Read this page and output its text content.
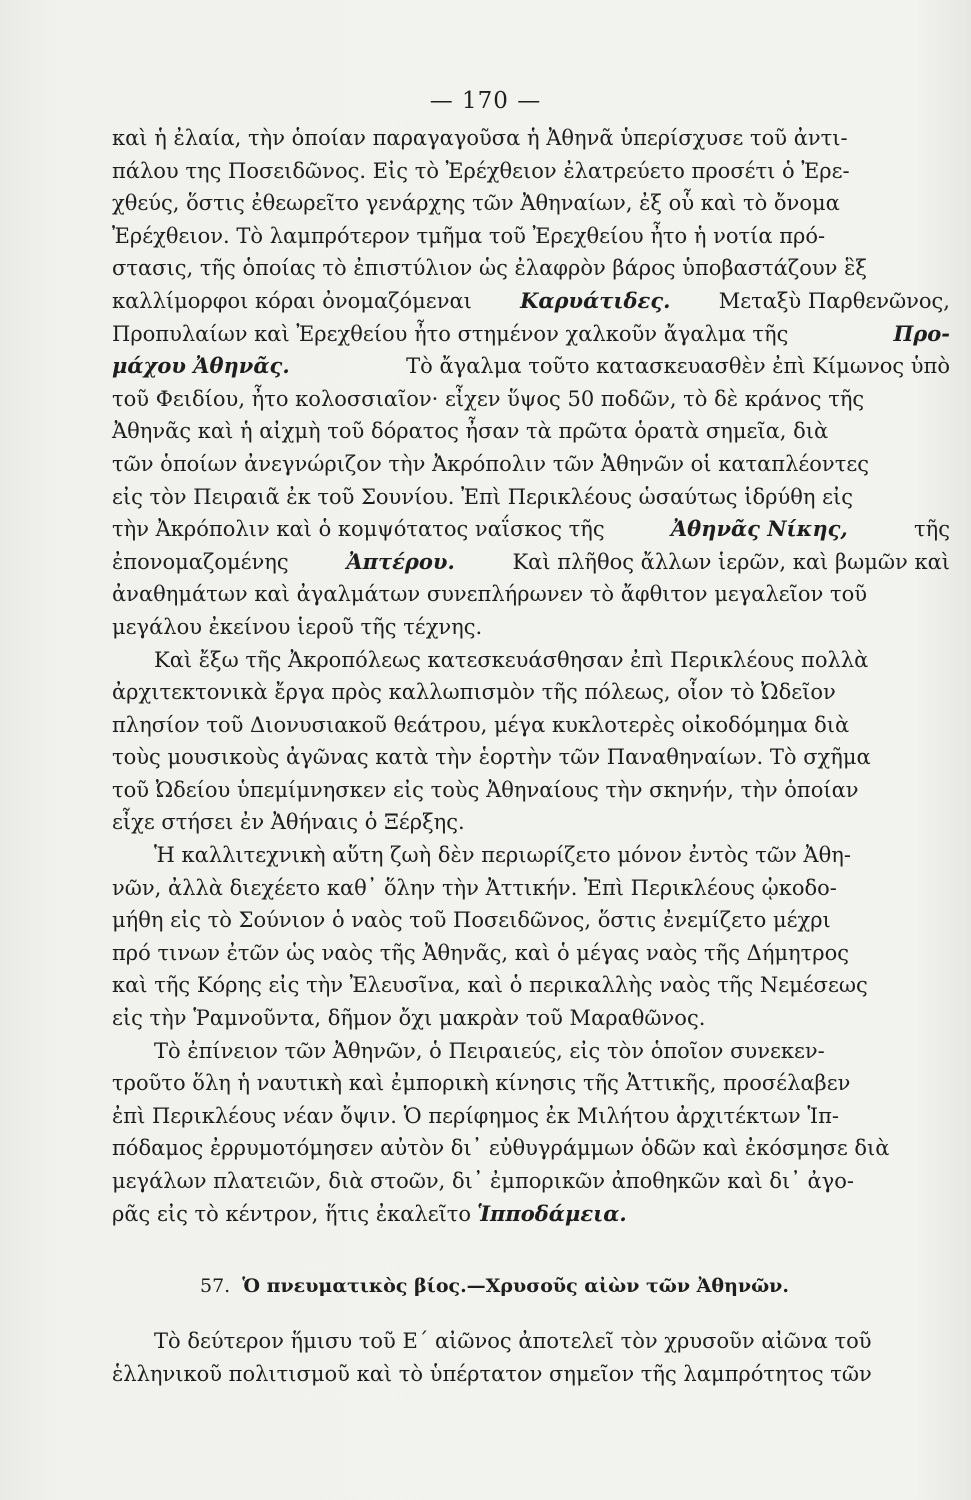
— 170 —
καὶ ἡ ἐλαία, τὴν ὁποίαν παραγαγοῦσα ἡ Ἀθηνᾶ ὑπερίσχυσε τοῦ ἀντι-
πάλου της Ποσειδῶνος. Εἰς τὸ Ἐρέχθειον ἐλατρεύετο προσέτι ὁ Ἐρε-
χθεύς, ὅστις ἐθεωρεῖτο γενάρχης τῶν Ἀθηναίων, ἐξ οὗ καὶ τὸ ὄνομα
Ἐρέχθειον. Τὸ λαμπρότερον τμῆμα τοῦ Ἐρεχθείου ἦτο ἡ νοτία πρό-
στασις, τῆς ὁποίας τὸ ἐπιστύλιον ὡς ἐλαφρὸν βάρος ὑποβαστάζουν ἓξ
καλλίμορφοι κόραι ὀνομαζόμεναι Καρυάτιδες. Μεταξὺ Παρθενῶνος,
Προπυλαίων καὶ Ἐρεχθείου ἦτο στημένον χαλκοῦν ἄγαλμα τῆς	Προ-
μάχου Ἀθηνᾶς.	Τὸ ἄγαλμα τοῦτο κατασκευασθὲν ἐπὶ Κίμωνος ὑπὸ
τοῦ Φειδίου, ἦτο κολοσσιαῖον· εἶχεν ὕψος 50 ποδῶν, τὸ δὲ κράνος τῆς
Ἀθηνᾶς καὶ ἡ αἰχμὴ τοῦ δόρατος ἦσαν τὰ πρῶτα ὁρατὰ σημεῖα, διὰ
τῶν ὁποίων ἀνεγνώριζον τὴν Ἀκρόπολιν τῶν Ἀθηνῶν οἱ καταπλέοντες
εἰς τὸν Πειραιᾶ ἐκ τοῦ Σουνίου. Ἐπὶ Περικλέους ὡσαύτως ἱδρύθη εἰς
τὴν Ἀκρόπολιν καὶ ὁ κομψότατος ναΐσκος τῆς	Ἀθηνᾶς Νίκης,	τῆς
ἐπονομαζομένης	Ἀπτέρου.	Καὶ πλῆθος ἄλλων ἱερῶν, καὶ βωμῶν καὶ
ἀναθημάτων καὶ ἀγαλμάτων συνεπλήρωνεν τὸ ἄφθιτον μεγαλεῖον τοῦ
μεγάλου ἐκείνου ἱεροῦ τῆς τέχνης.
Καὶ ἔξω τῆς Ἀκροπόλεως κατεσκευάσθησαν ἐπὶ Περικλέους πολλὰ
ἀρχιτεκτονικὰ ἔργα πρὸς καλλωπισμὸν τῆς πόλεως, οἷον τὸ Ὠδεῖον
πλησίον τοῦ Διονυσιακοῦ θεάτρου, μέγα κυκλοτερὲς οἰκοδόμημα διὰ
τοὺς μουσικοὺς ἀγῶνας κατὰ τὴν ἑορτὴν τῶν Παναθηναίων. Τὸ σχῆμα
τοῦ Ὠδείου ὑπεμίμνησκεν εἰς τοὺς Ἀθηναίους τὴν σκηνήν, τὴν ὁποίαν
εἶχε στήσει ἐν Ἀθήναις ὁ Ξέρξης.
Ἡ καλλιτεχνικὴ αὕτη ζωὴ δὲν περιωρίζετο μόνον ἐντὸς τῶν Ἀθη-
νῶν, ἀλλὰ διεχέετο καθ᾽ ὅλην τὴν Ἀττικήν. Ἐπὶ Περικλέους ᾠκοδο-
μήθη εἰς τὸ Σούνιον ὁ ναὸς τοῦ Ποσειδῶνος, ὅστις ἐνεμίζετο μέχρι
πρό τινων ἐτῶν ὡς ναὸς τῆς Ἀθηνᾶς, καὶ ὁ μέγας ναὸς τῆς Δήμητρος
καὶ τῆς Κόρης εἰς τὴν Ἐλευσῖνα, καὶ ὁ περικαλλὴς ναὸς τῆς Νεμέσεως
εἰς τὴν Ῥαμνοῦντα, δῆμον ὄχι μακρὰν τοῦ Μαραθῶνος.
Τὸ ἐπίνειον τῶν Ἀθηνῶν, ὁ Πειραιεύς, εἰς τὸν ὁποῖον συνεκεν-
τροῦτο ὅλη ἡ ναυτικὴ καὶ ἐμπορικὴ κίνησις τῆς Ἀττικῆς, προσέλαβεν
ἐπὶ Περικλέους νέαν ὄψιν. Ὁ περίφημος ἐκ Μιλήτου ἀρχιτέκτων Ἱπ-
πόδαμος ἐρρυμοτόμησεν αὐτὸν δι᾽ εὐθυγράμμων ὁδῶν καὶ ἐκόσμησε διὰ
μεγάλων πλατειῶν, διὰ στοῶν, δι᾽ ἐμπορικῶν ἀποθηκῶν καὶ δι᾽ ἀγο-
ρᾶς εἰς τὸ κέντρον, ἥτις ἐκαλεῖτο Ἱπποδάμεια.
57. Ὁ πνευματικὸς βίος.—Χρυσοῦς αἰὼν τῶν Ἀθηνῶν.
Τὸ δεύτερον ἥμισυ τοῦ Ε΄ αἰῶνος ἀποτελεῖ τὸν χρυσοῦν αἰῶνα τοῦ
ἑλληνικοῦ πολιτισμοῦ καὶ τὸ ὑπέρτατον σημεῖον τῆς λαμπρότητος τῶν
